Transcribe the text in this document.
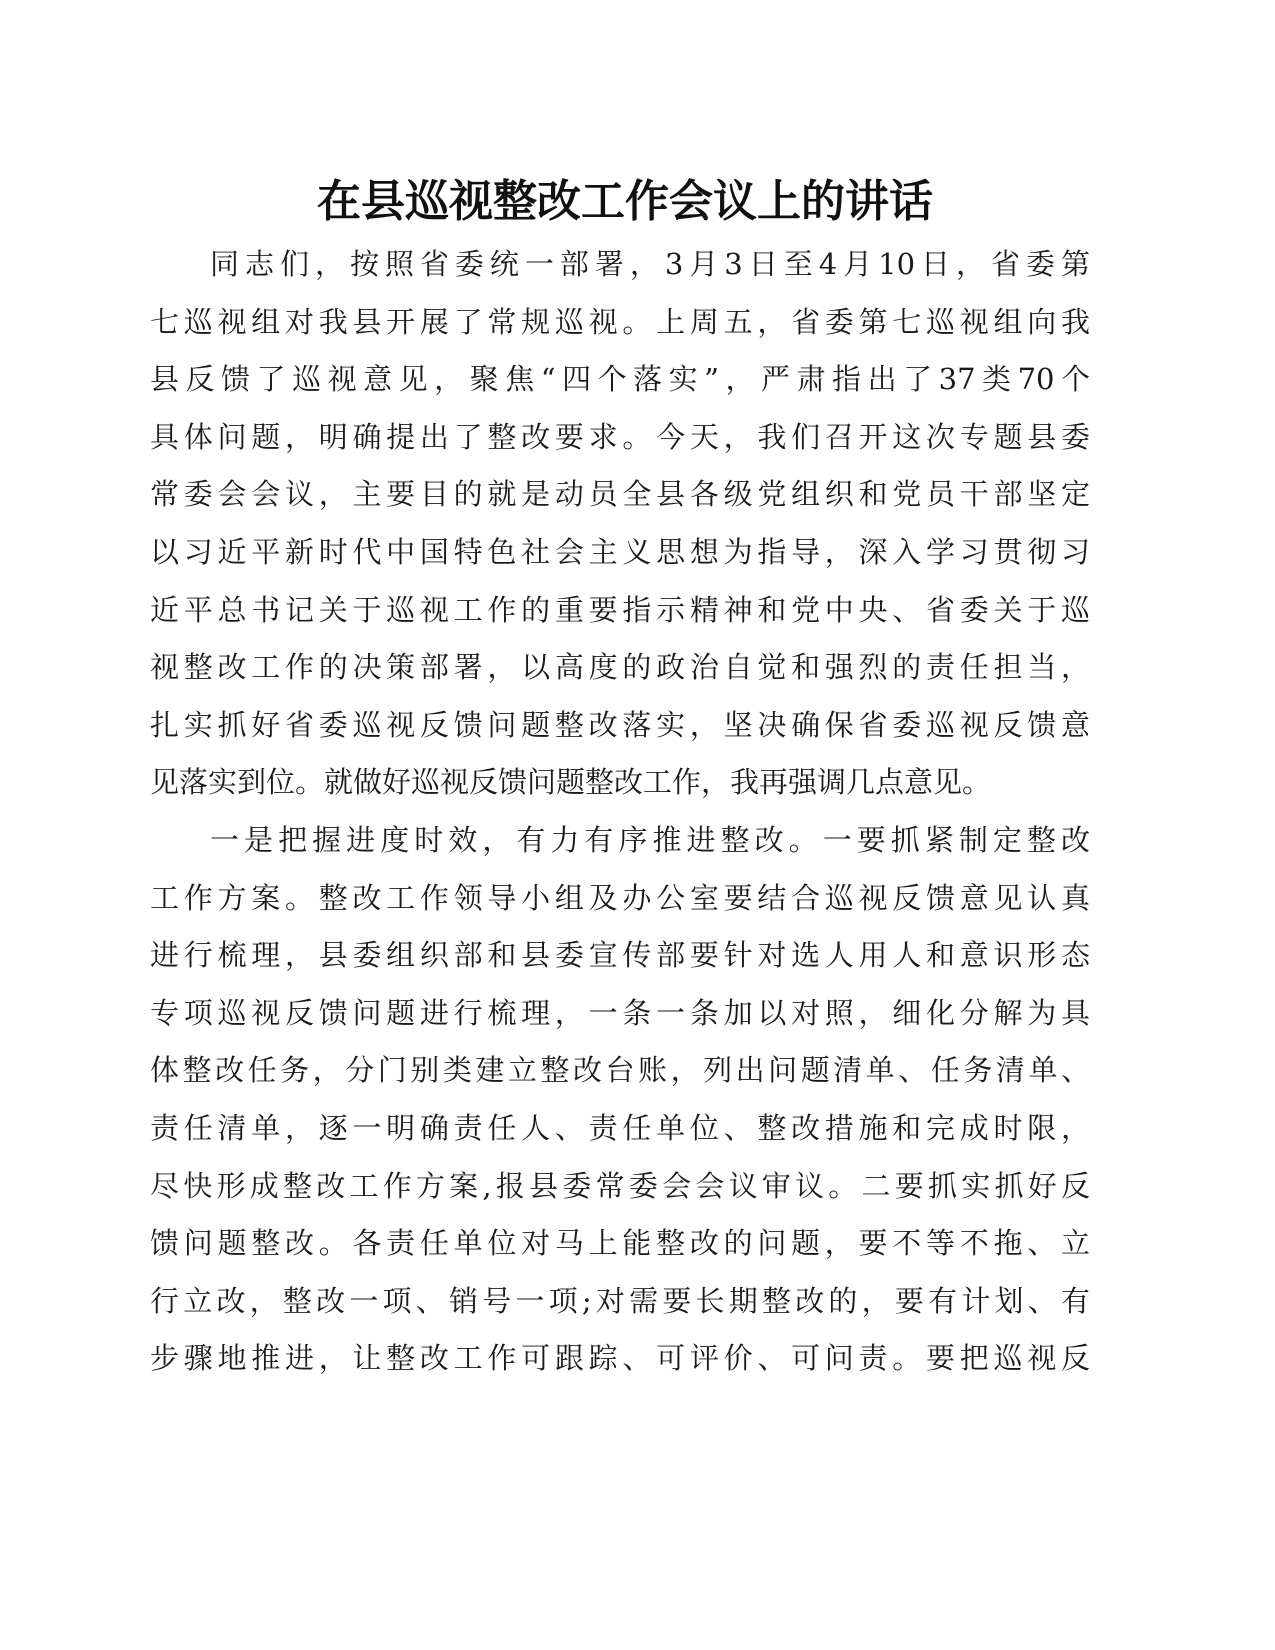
在县巡视整改工作会议上的讲话
同志们，按照省委统一部署，3月3日至4月10日，省委第
七巡视组对我县开展了常规巡视。上周五，省委第七巡视组向我
县反馈了巡视意见，聚焦“四个落实”，严肃指出了37类70个
具体问题，明确提出了整改要求。今天，我们召开这次专题县委
常委会会议，主要目的就是动员全县各级党组织和党员干部坚定
以习近平新时代中国特色社会主义思想为指导，深入学习贯彻习
近平总书记关于巡视工作的重要指示精神和党中央、省委关于巡
视整改工作的决策部署，以高度的政治自觉和强烈的责任担当，
扎实抓好省委巡视反馈问题整改落实，坚决确保省委巡视反馈意
见落实到位。就做好巡视反馈问题整改工作，我再强调几点意见。
一是把握进度时效，有力有序推进整改。一要抓紧制定整改
工作方案。整改工作领导小组及办公室要结合巡视反馈意见认真
进行梳理，县委组织部和县委宣传部要针对选人用人和意识形态
专项巡视反馈问题进行梳理，一条一条加以对照，细化分解为具
体整改任务，分门别类建立整改台账，列出问题清单、任务清单、
责任清单，逐一明确责任人、责任单位、整改措施和完成时限，
尽快形成整改工作方案,报县委常委会会议审议。二要抓实抓好反
馈问题整改。各责任单位对马上能整改的问题，要不等不拖、立
行立改，整改一项、销号一项;对需要长期整改的，要有计划、有
步骤地推进，让整改工作可跟踪、可评价、可问责。要把巡视反
